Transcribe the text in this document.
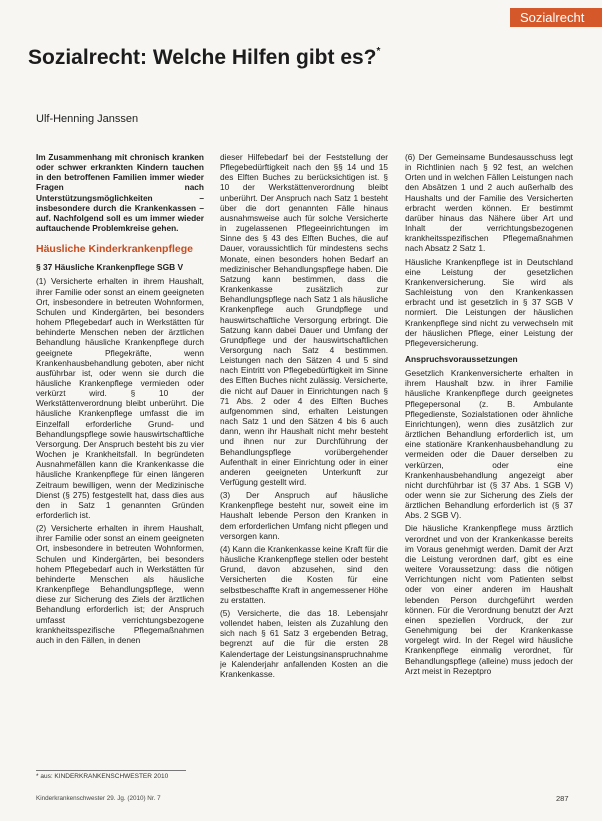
Sozialrecht
Sozialrecht: Welche Hilfen gibt es?*
Ulf-Henning Janssen

Im Zusammenhang mit chronisch kranken oder schwer erkrankten Kindern tauchen in den betroffenen Familien immer wieder Fragen nach Unterstützungsmöglichkeiten – insbesondere durch die Krankenkassen – auf. Nachfolgend soll es um immer wieder auftauchende Problemkreise gehen.

Häusliche Kinderkrankenpflege
§ 37 Häusliche Krankenpflege SGB V

(1) Versicherte erhalten in ihrem Haushalt, ihrer Familie oder sonst an einem geeigneten Ort, insbesondere in betreuten Wohnformen, Schulen und Kindergärten, bei besonders hohem Pflegebedarf auch in Werkstätten für behinderte Menschen neben der ärztlichen Behandlung häusliche Krankenpflege durch geeignete Pflegekräfte, wenn Krankenhausbehandlung geboten, aber nicht ausführbar ist, oder wenn sie durch die häusliche Krankenpflege vermieden oder verkürzt wird. § 10 der Werkstättenverordnung bleibt unberührt. Die häusliche Krankenpflege umfasst die im Einzelfall erforderliche Grund- und Behandlungspflege sowie hauswirtschaftliche Versorgung. Der Anspruch besteht bis zu vier Wochen je Krankheitsfall. In begründeten Ausnahmefällen kann die Krankenkasse die häusliche Krankenpflege für einen längeren Zeitraum bewilligen, wenn der Medizinische Dienst (§ 275) festgestellt hat, dass dies aus den in Satz 1 genannten Gründen erforderlich ist.

(2) Versicherte erhalten in ihrem Haushalt, ihrer Familie oder sonst an einem geeigneten Ort, insbesondere in betreuten Wohnformen, Schulen und Kindergärten, bei besonders hohem Pflegebedarf auch in Werkstätten für behinderte Menschen als häusliche Krankenpflege Behandlungspflege, wenn diese zur Sicherung des Ziels der ärztlichen Behandlung erforderlich ist; der Anspruch umfasst verrichtungsbezogene krankheitsspezifische Pflegemaßnahmen auch in den Fällen, in denen

dieser Hilfebedarf bei der Feststellung der Pflegebedürftigkeit nach den §§ 14 und 15 des Elften Buches zu berücksichtigen ist. § 10 der Werkstättenverordnung bleibt unberührt. Der Anspruch nach Satz 1 besteht über die dort genannten Fälle hinaus ausnahmsweise auch für solche Versicherte in zugelassenen Pflegeeinrichtungen im Sinne des § 43 des Elften Buches, die auf Dauer, voraussichtlich für mindestens sechs Monate, einen besonders hohen Bedarf an medizinischer Behandlungspflege haben. Die Satzung kann bestimmen, dass die Krankenkasse zusätzlich zur Behandlungspflege nach Satz 1 als häusliche Krankenpflege auch Grundpflege und hauswirtschaftliche Versorgung erbringt. Die Satzung kann dabei Dauer und Umfang der Grundpflege und der hauswirtschaftlichen Versorgung nach Satz 4 bestimmen. Leistungen nach den Sätzen 4 und 5 sind nach Eintritt von Pflegebedürftigkeit im Sinne des Elften Buches nicht zulässig. Versicherte, die nicht auf Dauer in Einrichtungen nach § 71 Abs. 2 oder 4 des Elften Buches aufgenommen sind, erhalten Leistungen nach Satz 1 und den Sätzen 4 bis 6 auch dann, wenn ihr Haushalt nicht mehr besteht und ihnen nur zur Durchführung der Behandlungspflege vorübergehender Aufenthalt in einer Einrichtung oder in einer anderen geeigneten Unterkunft zur Verfügung gestellt wird.

(3) Der Anspruch auf häusliche Krankenpflege besteht nur, soweit eine im Haushalt lebende Person den Kranken in dem erforderlichen Umfang nicht pflegen und versorgen kann.

(4) Kann die Krankenkasse keine Kraft für die häusliche Krankenpflege stellen oder besteht Grund, davon abzusehen, sind den Versicherten die Kosten für eine selbstbeschaffte Kraft in angemessener Höhe zu erstatten.

(5) Versicherte, die das 18. Lebensjahr vollendet haben, leisten als Zuzahlung den sich nach § 61 Satz 3 ergebenden Betrag, begrenzt auf die für die ersten 28 Kalendertage der Leistungsinanspruchnahme je Kalenderjahr anfallenden Kosten an die Krankenkasse.

(6) Der Gemeinsame Bundesausschuss legt in Richtlinien nach § 92 fest, an welchen Orten und in welchen Fällen Leistungen nach den Absätzen 1 und 2 auch außerhalb des Haushalts und der Familie des Versicherten erbracht werden können. Er bestimmt darüber hinaus das Nähere über Art und Inhalt der verrichtungsbezogenen krankheitsspezifischen Pflegemaßnahmen nach Absatz 2 Satz 1.

Häusliche Krankenpflege ist in Deutschland eine Leistung der gesetzlichen Krankenversicherung. Sie wird als Sachleistung von den Krankenkassen erbracht und ist gesetzlich in § 37 SGB V normiert. Die Leistungen der häuslichen Krankenpflege sind nicht zu verwechseln mit der häuslichen Pflege, einer Leistung der Pflegeversicherung.

Anspruchsvoraussetzungen

Gesetzlich Krankenversicherte erhalten in ihrem Haushalt bzw. in ihrer Familie häusliche Krankenpflege durch geeignetes Pflegepersonal (z. B. Ambulante Pflegedienste, Sozialstationen oder ähnliche Einrichtungen), wenn dies zusätzlich zur ärztlichen Behandlung erforderlich ist, um eine stationäre Krankenhausbehandlung zu vermeiden oder die Dauer derselben zu verkürzen, oder eine Krankenhausbehandlung angezeigt aber nicht durchführbar ist (§ 37 Abs. 1 SGB V) oder wenn sie zur Sicherung des Ziels der ärztlichen Behandlung erforderlich ist (§ 37 Abs. 2 SGB V).

Die häusliche Krankenpflege muss ärztlich verordnet und von der Krankenkasse bereits im Voraus genehmigt werden. Damit der Arzt die Leistung verordnen darf, gibt es eine weitere Voraussetzung: dass die nötigen Verrichtungen nicht vom Patienten selbst oder von einer anderen im Haushalt lebenden Person durchgeführt werden können. Für die Verordnung benutzt der Arzt einen speziellen Vordruck, der zur Genehmigung bei der Krankenkasse vorgelegt wird. In der Regel wird häusliche Krankenpflege einmalig verordnet, für Behandlungspflege (alleine) muss jedoch der Arzt meist in Rezeptpro

* aus: KINDERKRANKENSCHWESTER 2010
Kinderkrankenschwester 29. Jg. (2010) Nr. 7	287
